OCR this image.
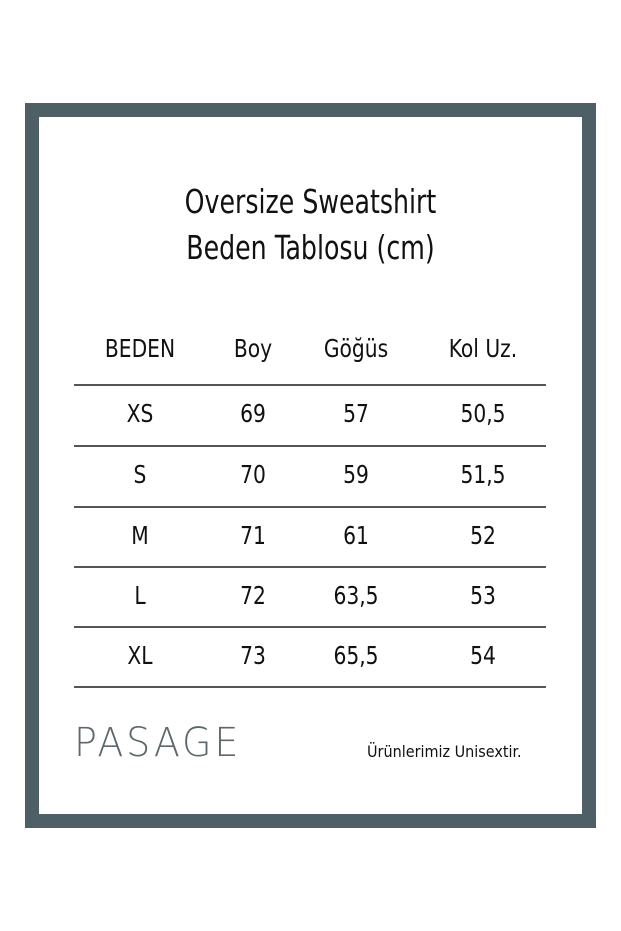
Oversize Sweatshirt
Beden Tablosu (cm)
BEDEN	Boy	Göğüs	Kol Uz.
XS	69	57	50,5
S	70	59	51,5
M	71	61	52
L	72	63,5	53
XL	73	65,5	54
PASAGE	Ürünlerimiz Unisextir.
